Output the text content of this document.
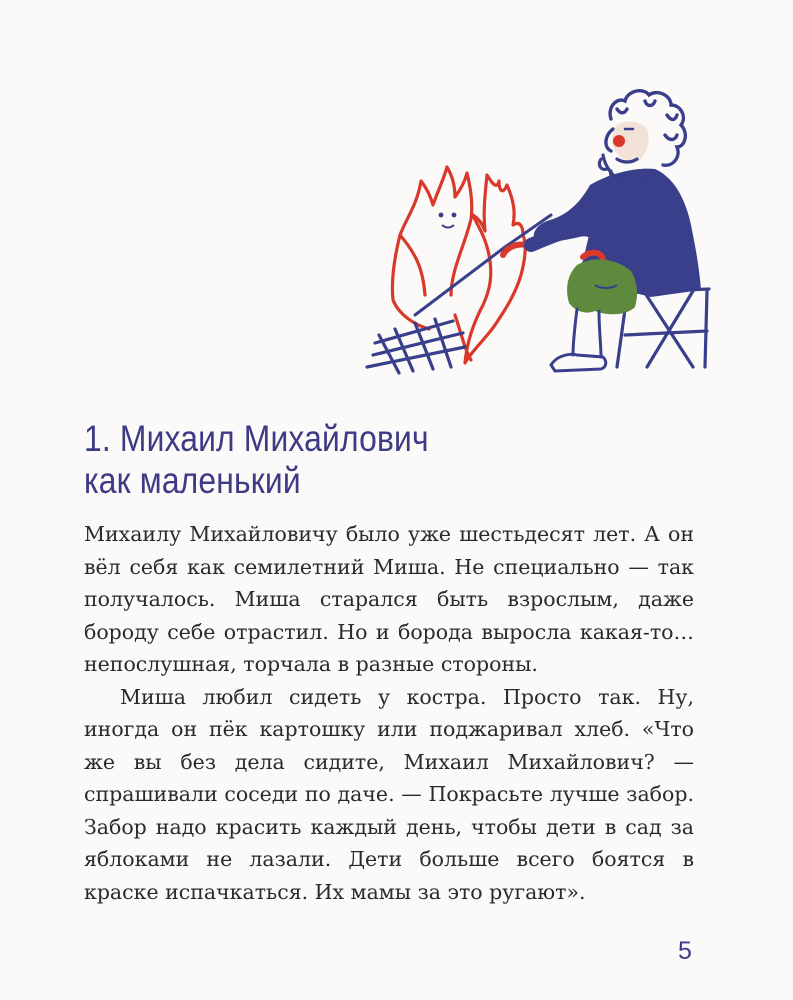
1. Михаил Михайлович
как маленький

Михаилу Михайловичу было уже шестьдесят лет. А он вёл себя как семилетний Миша. Не специально — так получалось. Миша старался быть взрослым, даже бороду себе отрастил. Но и борода выросла какая-то… непослушная, торчала в разные стороны.

Миша любил сидеть у костра. Просто так. Ну, иногда он пёк картошку или поджаривал хлеб. «Что же вы без дела сидите, Михаил Михайлович? — спрашивали соседи по даче. — Покрасьте лучше забор. Забор надо красить каждый день, чтобы дети в сад за яблоками не лазали. Дети больше всего боятся в краске испачкаться. Их мамы за это ругают».

5
